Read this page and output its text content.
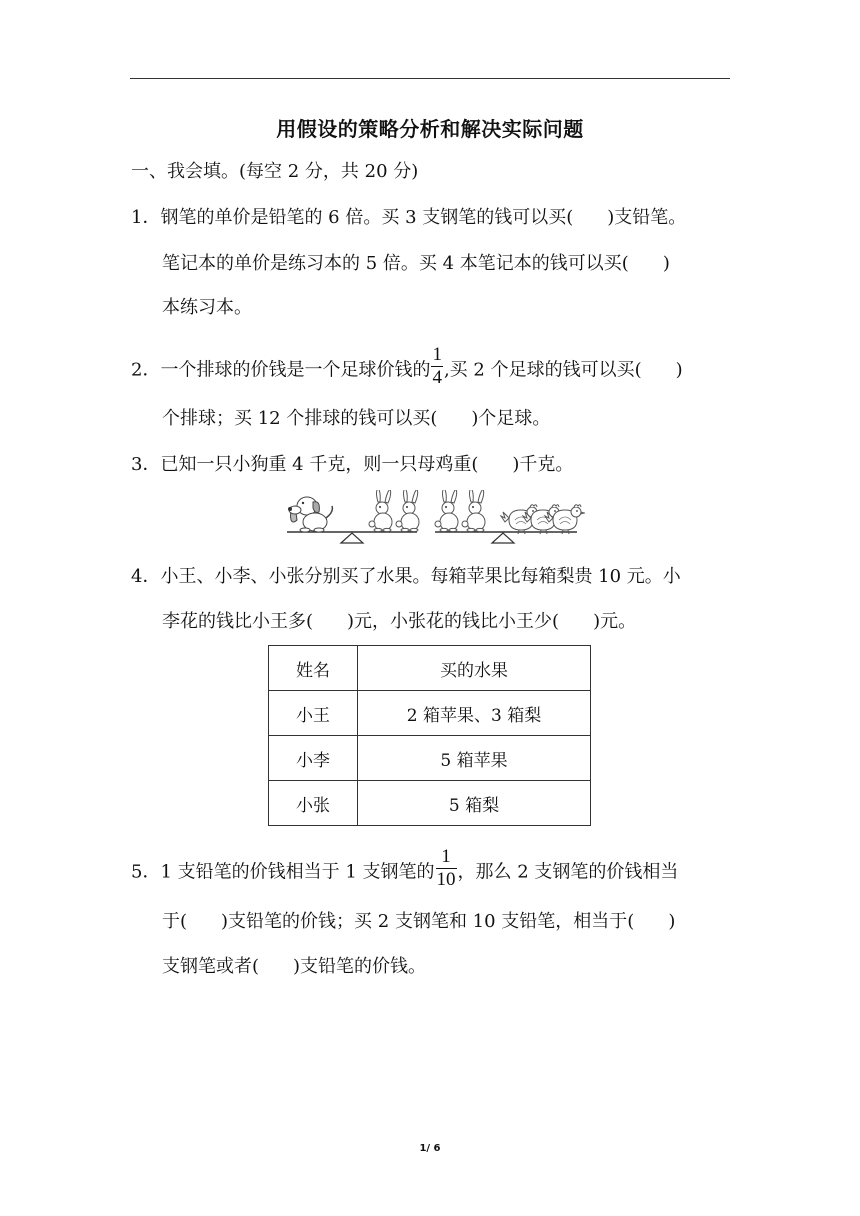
用假设的策略分析和解决实际问题
一、我会填。(每空 2 分，共 20 分)
1．钢笔的单价是铅笔的 6 倍。买 3 支钢笔的钱可以买( )支铅笔。
笔记本的单价是练习本的 5 倍。买 4 本笔记本的钱可以买( )
本练习本。
2．一个排球的价钱是一个足球价钱的 $\frac{1}{4}$ ,买 2 个足球的钱可以买( )
个排球；买 12 个排球的钱可以买( )个足球。
3．已知一只小狗重 4 千克，则一只母鸡重( )千克。
4．小王、小李、小张分别买了水果。每箱苹果比每箱梨贵 10 元。小
李花的钱比小王多( )元，小张花的钱比小王少( )元。
姓名	买的水果
小王	2 箱苹果、3 箱梨
小李	5 箱苹果
小张	5 箱梨
5．1 支铅笔的价钱相当于 1 支钢笔的 $\frac{1}{10}$ ，那么 2 支钢笔的价钱相当
于( )支铅笔的价钱；买 2 支钢笔和 10 支铅笔，相当于( )
支钢笔或者( )支铅笔的价钱。
1/ 6
